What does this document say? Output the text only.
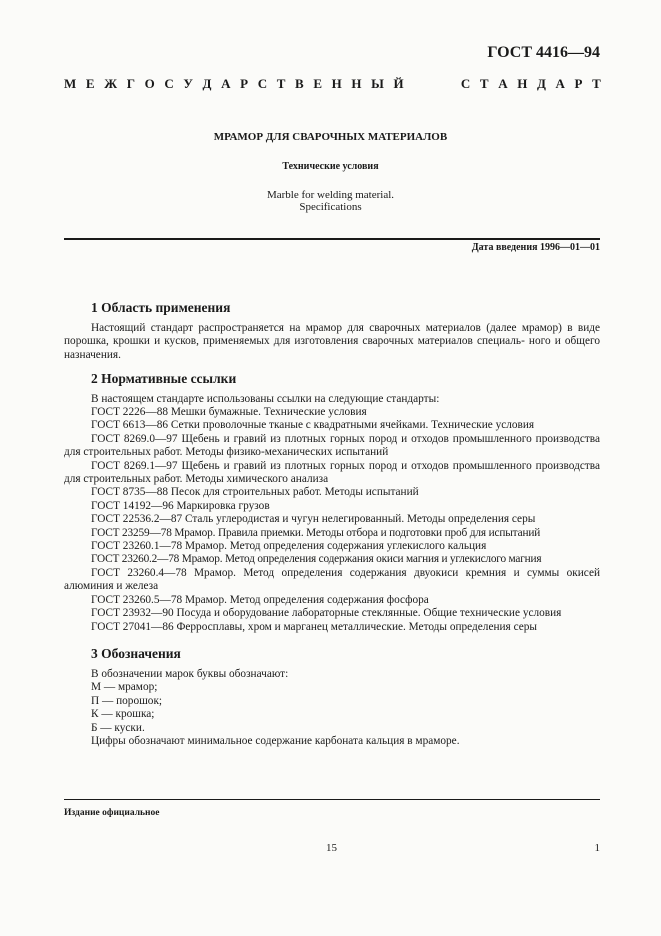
ГОСТ 4416—94
М Е Ж Г О С У Д А Р С Т В Е Н Н Ы Й	С Т А Н Д А Р Т
МРАМОР ДЛЯ СВАРОЧНЫХ МАТЕРИАЛОВ
Технические условия
Marble for welding material.
Specifications
Дата введения 1996—01—01
1 Область применения
Настоящий стандарт распространяется на мрамор для сварочных материалов (далее мрамор) в виде порошка, крошки и кусков, применяемых для изготовления сварочных материалов специаль- ного и общего назначения.
2 Нормативные ссылки
В настоящем стандарте использованы ссылки на следующие стандарты:
ГОСТ 2226—88 Мешки бумажные. Технические условия
ГОСТ 6613—86 Сетки проволочные тканые с квадратными ячейками. Технические условия
ГОСТ 8269.0—97 Щебень и гравий из плотных горных пород и отходов промышленного производства для строительных работ. Методы физико-механических испытаний
ГОСТ 8269.1—97 Щебень и гравий из плотных горных пород и отходов промышленного производства для строительных работ. Методы химического анализа
ГОСТ 8735—88 Песок для строительных работ. Методы испытаний
ГОСТ 14192—96 Маркировка грузов
ГОСТ 22536.2—87 Сталь углеродистая и чугун нелегированный. Методы определения серы
ГОСТ 23259—78 Мрамор. Правила приемки. Методы отбора и подготовки проб для испытаний
ГОСТ 23260.1—78 Мрамор. Метод определения содержания углекислого кальция
ГОСТ 23260.2—78 Мрамор. Метод определения содержания окиси магния и углекислого магния
ГОСТ 23260.4—78 Мрамор. Метод определения содержания двуокиси кремния и суммы окисей алюминия и железа
ГОСТ 23260.5—78 Мрамор. Метод определения содержания фосфора
ГОСТ 23932—90 Посуда и оборудование лабораторные стеклянные. Общие технические условия
ГОСТ 27041—86 Ферросплавы, хром и марганец металлические. Методы определения серы
3 Обозначения
В обозначении марок буквы обозначают:
М — мрамор;
П — порошок;
К — крошка;
Б — куски.
Цифры обозначают минимальное содержание карбоната кальция в мраморе.
Издание официальное
15	1
